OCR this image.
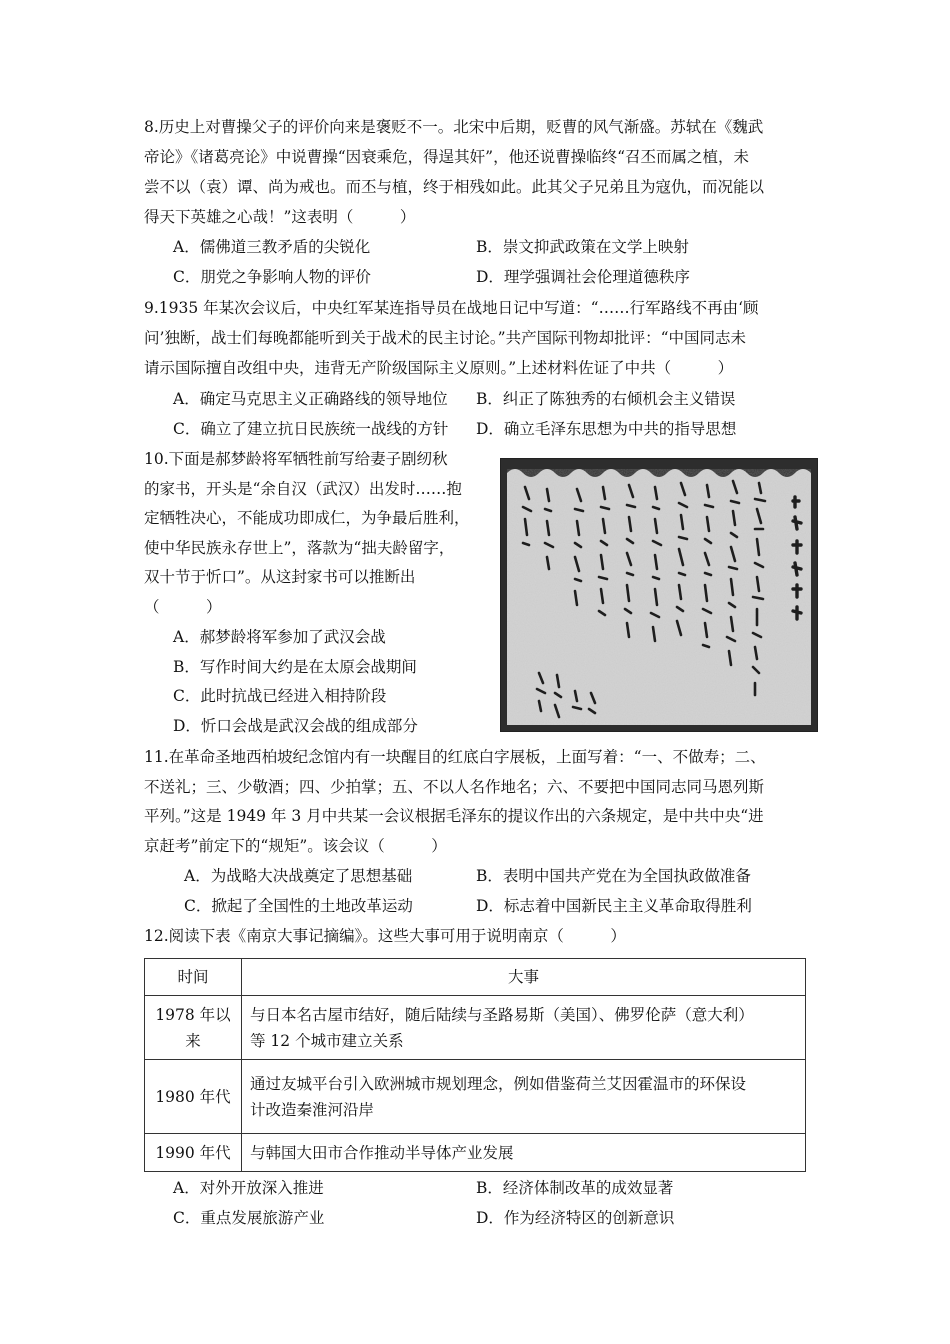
8.历史上对曹操父子的评价向来是褒贬不一。北宋中后期，贬曹的风气渐盛。苏轼在《魏武
帝论》《诸葛亮论》中说曹操“因衰乘危，得逞其奸”，他还说曹操临终“召丕而属之植，未
尝不以（袁）谭、尚为戒也。而丕与植，终于相残如此。此其父子兄弟且为寇仇，而况能以
得天下英雄之心哉！”这表明（　　　）
A．儒佛道三教矛盾的尖锐化	B．崇文抑武政策在文学上映射
C．朋党之争影响人物的评价	D．理学强调社会伦理道德秩序
9.1935 年某次会议后，中央红军某连指导员在战地日记中写道：“……行军路线不再由‘顾
问’独断，战士们每晚都能听到关于战术的民主讨论。”共产国际刊物却批评：“中国同志未
请示国际擅自改组中央，违背无产阶级国际主义原则。”上述材料佐证了中共（　　　）
A．确定马克思主义正确路线的领导地位 B．纠正了陈独秀的右倾机会主义错误
C．确立了建立抗日民族统一战线的方针 D．确立毛泽东思想为中共的指导思想
10.下面是郝梦龄将军牺牲前写给妻子剧纫秋
的家书，开头是“余自汉（武汉）出发时……抱
定牺牲决心，不能成功即成仁，为争最后胜利，
使中华民族永存世上”，落款为“拙夫龄留字，
双十节于忻口”。从这封家书可以推断出
（　　　）
A．郝梦龄将军参加了武汉会战
B．写作时间大约是在太原会战期间
C．此时抗战已经进入相持阶段
D．忻口会战是武汉会战的组成部分
11.在革命圣地西柏坡纪念馆内有一块醒目的红底白字展板，上面写着：“一、不做寿；二、
不送礼；三、少敬酒；四、少拍掌；五、不以人名作地名；六、不要把中国同志同马恩列斯
平列。”这是 1949 年 3 月中共某一会议根据毛泽东的提议作出的六条规定，是中共中央“进
京赶考”前定下的“规矩”。该会议（　　　）
A．为战略大决战奠定了思想基础	B．表明中国共产党在为全国执政做准备
C．掀起了全国性的土地改革运动	D．标志着中国新民主主义革命取得胜利
12.阅读下表《南京大事记摘编》。这些大事可用于说明南京（　　　）
时间	大事
1978 年以来	与日本名古屋市结好，随后陆续与圣路易斯（美国）、佛罗伦萨（意大利）
等 12 个城市建立关系

1980 年代	通过友城平台引入欧洲城市规划理念，例如借鉴荷兰艾因霍温市的环保设
计改造秦淮河沿岸

1990 年代	与韩国大田市合作推动半导体产业发展
A．对外开放深入推进	B．经济体制改革的成效显著
C．重点发展旅游产业	D．作为经济特区的创新意识
